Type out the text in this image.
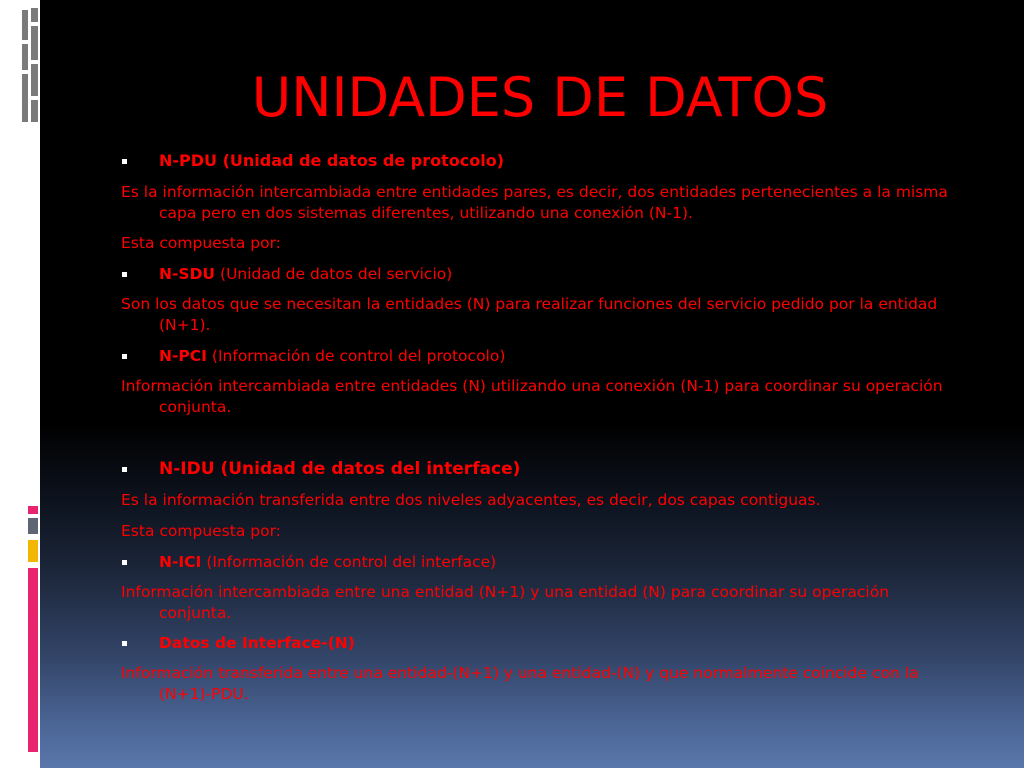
UNIDADES DE DATOS
N-PDU (Unidad de datos de protocolo)
Es la información intercambiada entre entidades pares, es decir, dos entidades pertenecientes a la misma
capa pero en dos sistemas diferentes, utilizando una conexión (N-1).
Esta compuesta por:
N-SDU (Unidad de datos del servicio)
Son los datos que se necesitan la entidades (N) para realizar funciones del servicio pedido por la entidad
(N+1).
N-PCI (Información de control del protocolo)
Información intercambiada entre entidades (N) utilizando una conexión (N-1) para coordinar su operación
conjunta.
N-IDU (Unidad de datos del interface)
Es la información transferida entre dos niveles adyacentes, es decir, dos capas contiguas.
Esta compuesta por:
N-ICI (Información de control del interface)
Información intercambiada entre una entidad (N+1) y una entidad (N) para coordinar su operación
conjunta.
Datos de Interface-(N)
Información transferida entre una entidad-(N+1) y una entidad-(N) y que normalmente coincide con la
(N+1)-PDU.
